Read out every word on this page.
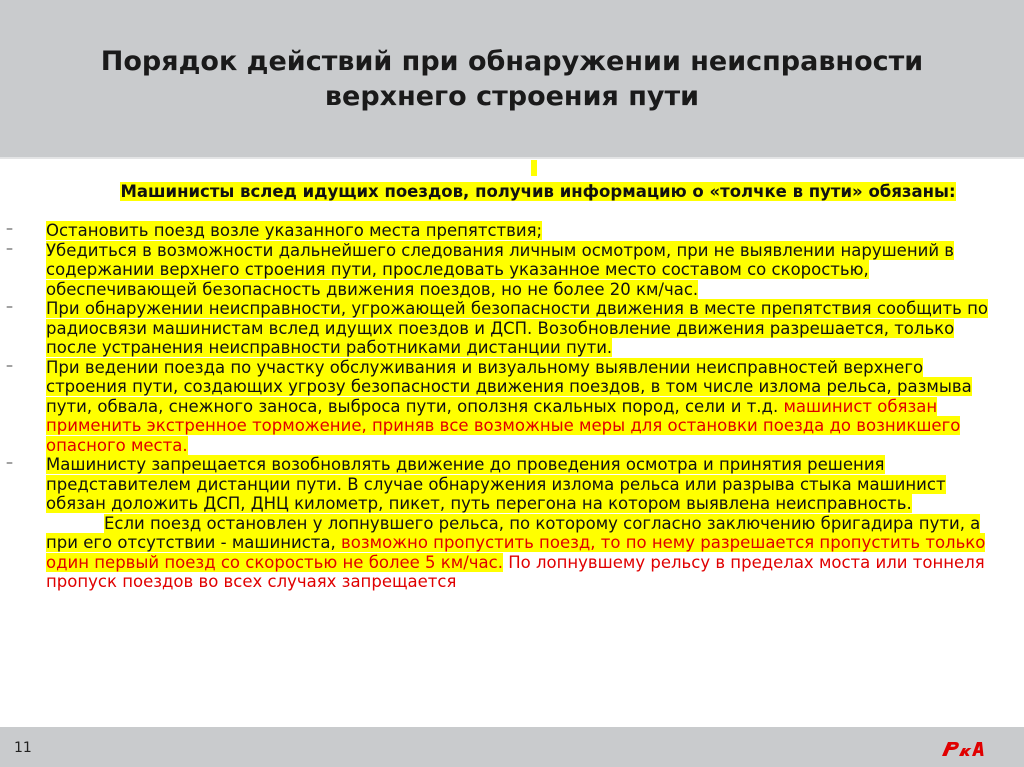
Порядок действий при обнаружении неисправности
верхнего строения пути
Машинисты вслед идущих поездов, получив информацию о «толчке в пути» обязаны:
– Остановить поезд возле указанного места препятствия;
– Убедиться в возможности дальнейшего следования личным осмотром, при не выявлении нарушений в содержании верхнего строения пути, проследовать указанное место составом со скоростью, обеспечивающей безопасность движения поездов, но не более 20 км/час.
– При обнаружении неисправности, угрожающей безопасности движения в месте препятствия сообщить по радиосвязи машинистам вслед идущих поездов и ДСП. Возобновление движения разрешается, только после устранения неисправности работниками дистанции пути.
– При ведении поезда по участку обслуживания и визуальному выявлении неисправностей верхнего строения пути, создающих угрозу безопасности движения поездов, в том числе излома рельса, размыва пути, обвала, снежного заноса, выброса пути, оползня скальных пород, сели и т.д. машинист обязан применить экстренное торможение, приняв все возможные меры для остановки поезда до возникшего опасного места.
– Машинисту запрещается возобновлять движение до проведения осмотра и принятия решения представителем дистанции пути. В случае обнаружения излома рельса или разрыва стыка машинист обязан доложить ДСП, ДНЦ километр, пикет, путь перегона на котором выявлена неисправность.
Если поезд остановлен у лопнувшего рельса, по которому согласно заключению бригадира пути, а при его отсутствии - машиниста, возможно пропустить поезд, то по нему разрешается пропустить только один первый поезд со скоростью не более 5 км/час. По лопнувшему рельсу в пределах моста или тоннеля пропуск поездов во всех случаях запрещается
11
